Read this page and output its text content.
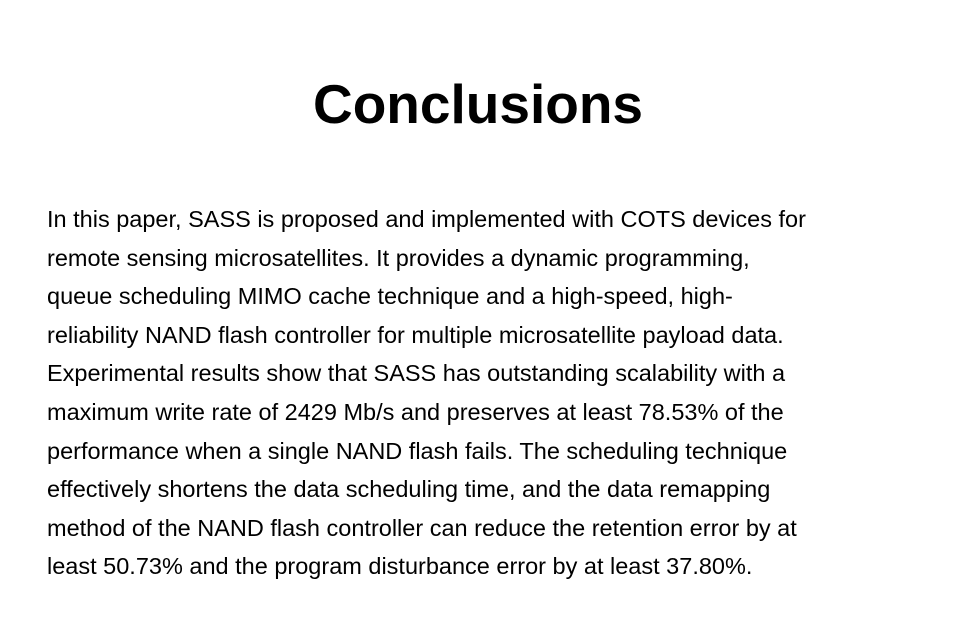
Conclusions

In this paper, SASS is proposed and implemented with COTS devices for
remote sensing microsatellites. It provides a dynamic programming,
queue scheduling MIMO cache technique and a high-speed, high-
reliability NAND flash controller for multiple microsatellite payload data.
Experimental results show that SASS has outstanding scalability with a
maximum write rate of 2429 Mb/s and preserves at least 78.53% of the
performance when a single NAND flash fails. The scheduling technique
effectively shortens the data scheduling time, and the data remapping
method of the NAND flash controller can reduce the retention error by at
least 50.73% and the program disturbance error by at least 37.80%.
